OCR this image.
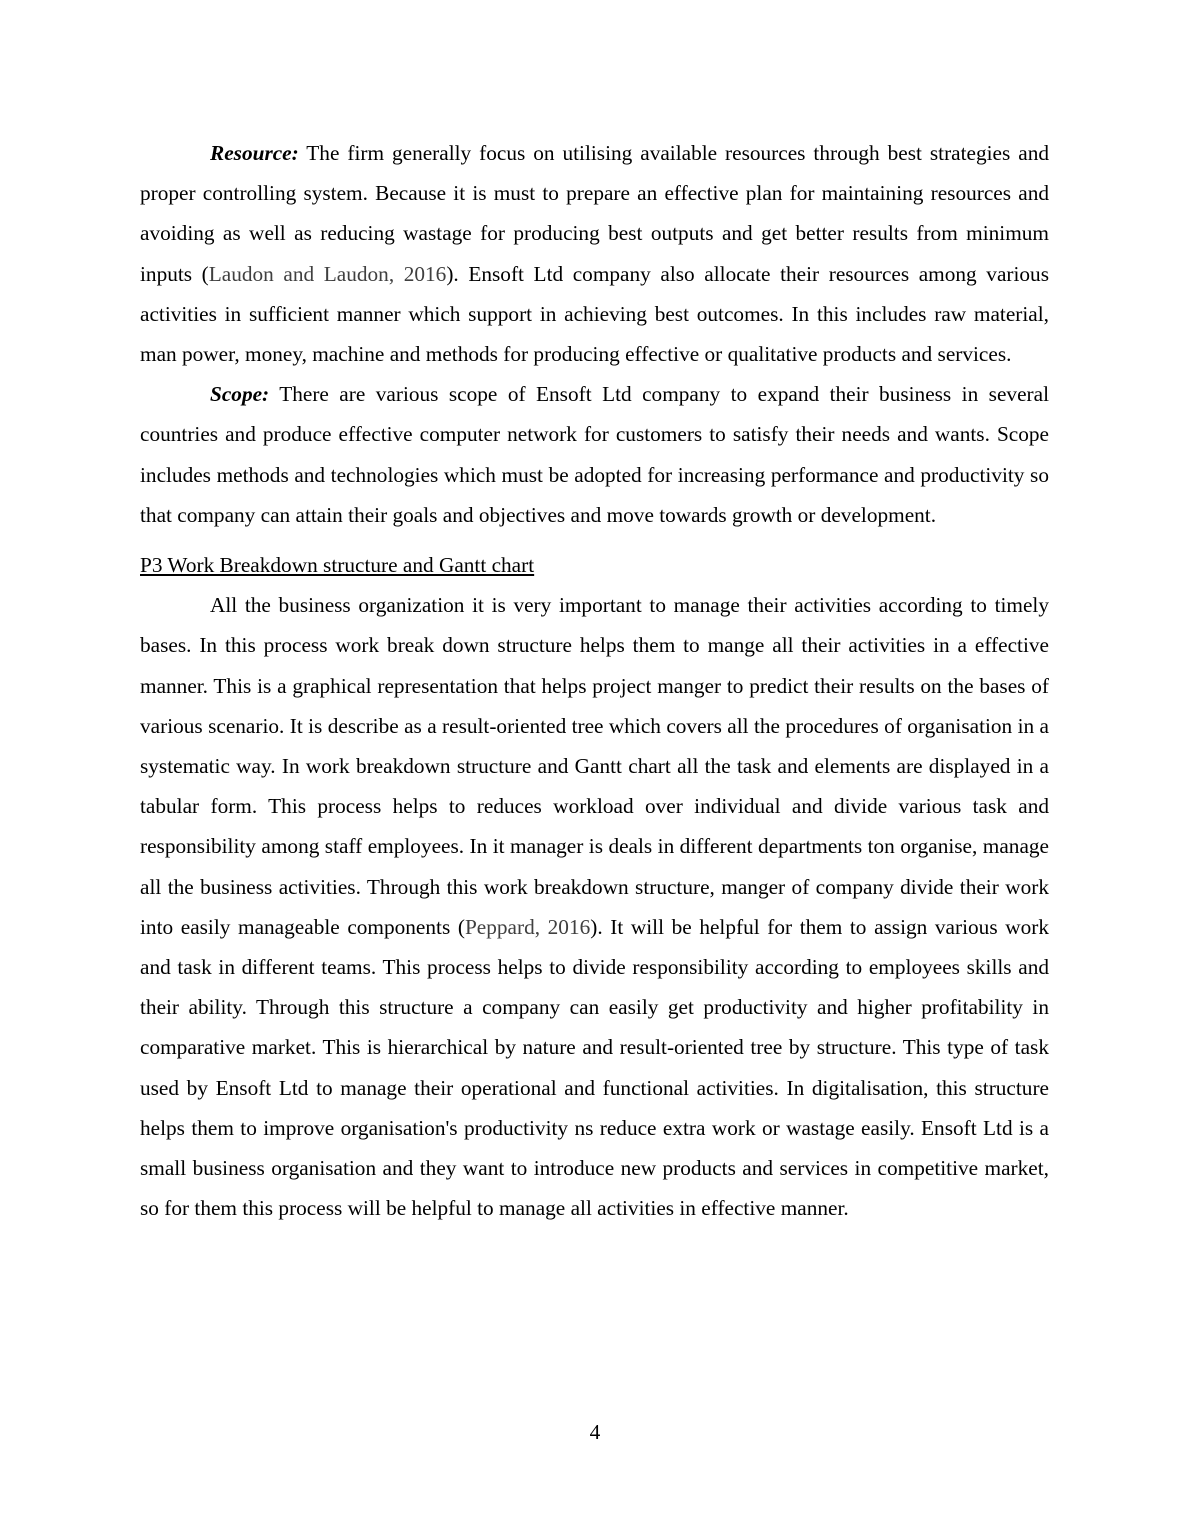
Resource: The firm generally focus on utilising available resources through best strategies and proper controlling system. Because it is must to prepare an effective plan for maintaining resources and avoiding as well as reducing wastage for producing best outputs and get better results from minimum inputs (Laudon and Laudon, 2016). Ensoft Ltd company also allocate their resources among various activities in sufficient manner which support in achieving best outcomes. In this includes raw material, man power, money, machine and methods for producing effective or qualitative products and services.

Scope: There are various scope of Ensoft Ltd company to expand their business in several countries and produce effective computer network for customers to satisfy their needs and wants. Scope includes methods and technologies which must be adopted for increasing performance and productivity so that company can attain their goals and objectives and move towards growth or development.

P3 Work Breakdown structure and Gantt chart

All the business organization it is very important to manage their activities according to timely bases. In this process work break down structure helps them to mange all their activities in a effective manner. This is a graphical representation that helps project manger to predict their results on the bases of various scenario. It is describe as a result-oriented tree which covers all the procedures of organisation in a systematic way. In work breakdown structure and Gantt chart all the task and elements are displayed in a tabular form. This process helps to reduces workload over individual and divide various task and responsibility among staff employees. In it manager is deals in different departments ton organise, manage all the business activities. Through this work breakdown structure, manger of company divide their work into easily manageable components (Peppard, 2016). It will be helpful for them to assign various work and task in different teams. This process helps to divide responsibility according to employees skills and their ability. Through this structure a company can easily get productivity and higher profitability in comparative market. This is hierarchical by nature and result-oriented tree by structure. This type of task used by Ensoft Ltd to manage their operational and functional activities. In digitalisation, this structure helps them to improve organisation's productivity ns reduce extra work or wastage easily. Ensoft Ltd is a small business organisation and they want to introduce new products and services in competitive market, so for them this process will be helpful to manage all activities in effective manner.

4
